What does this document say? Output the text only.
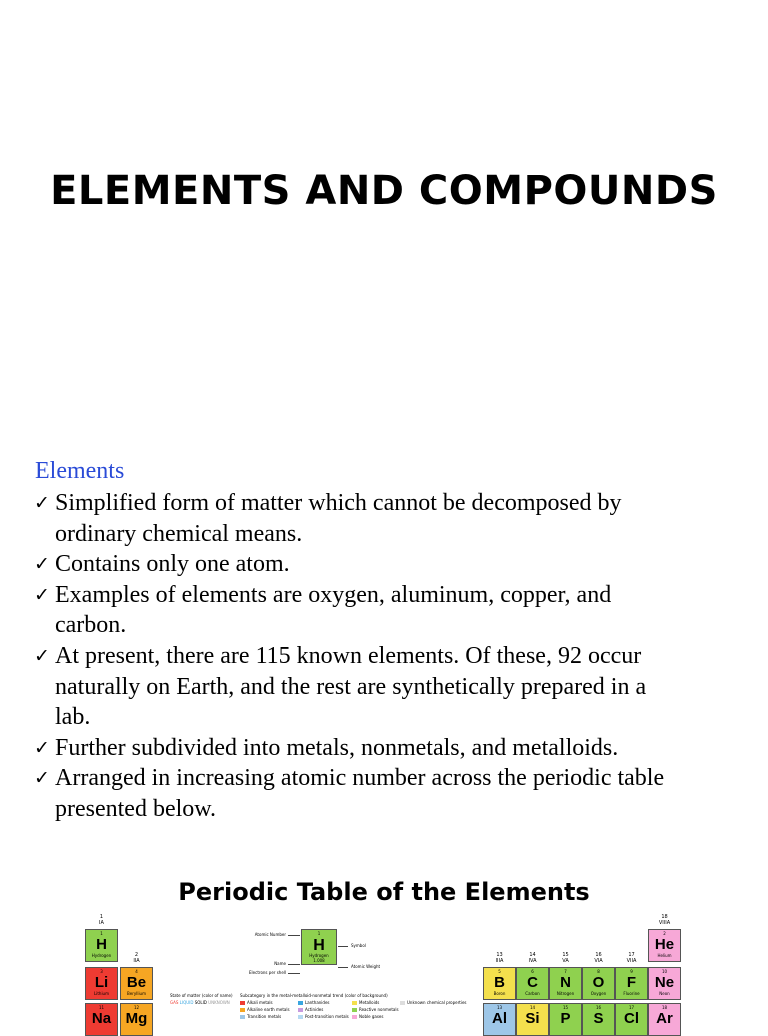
ELEMENTS AND COMPOUNDS
Elements
✓ Simplified form of matter which cannot be decomposed by
ordinary chemical means.
✓ Contains only one atom.
✓ Examples of elements are oxygen, aluminum, copper, and
carbon.
✓ At present, there are 115 known elements. Of these, 92 occur
naturally on Earth, and the rest are synthetically prepared in a
lab.
✓ Further subdivided into metals, nonmetals, and metalloids.
✓ Arranged in increasing atomic number across the periodic table
presented below.
Periodic Table of the Elements
1
IA
2
IIA
13
IIIA
14
IVA
15
VA
16
VIA
17
VIIA
18
VIIIA
1
H
Hydrogen
2
He
Helium
3
Li
Lithium
4
Be
Beryllium
5
B
Boron
6
C
Carbon
7
N
Nitrogen
8
O
Oxygen
9
F
Fluorine
10
Ne
Neon
11
Na
12
Mg
13
Al
14
Si
15
P
16
S
17
Cl
18
Ar
1
H
Hydrogen
1.008
Atomic Number
Name
Electrons per shell
Symbol
Atomic Weight
State of matter (color of name)
GAS LIQUID SOLID UNKNOWN
Subcategory in the metal-metalloid-nonmetal trend (color of background)
Alkali metals
Alkaline earth metals
Transition metals
Lanthanides
Actinides
Post-transition metals
Metalloids
Reactive nonmetals
Noble gases
Unknown chemical properties
